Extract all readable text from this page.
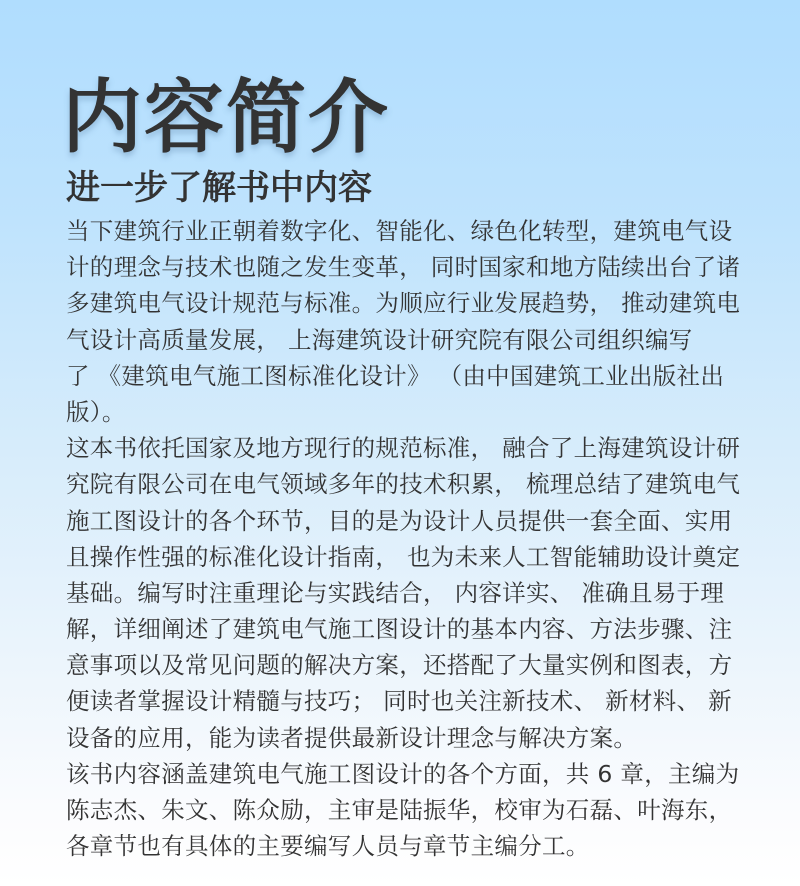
内容简介
进一步了解书中内容
当下建筑行业正朝着数字化、智能化、绿色化转型，建筑电气设
计的理念与技术也随之发生变革， 同时国家和地方陆续出台了诸
多建筑电气设计规范与标准。为顺应行业发展趋势， 推动建筑电
气设计高质量发展， 上海建筑设计研究院有限公司组织编写
了 《建筑电气施工图标准化设计》 （由中国建筑工业出版社出
版）。
这本书依托国家及地方现行的规范标准， 融合了上海建筑设计研
究院有限公司在电气领域多年的技术积累， 梳理总结了建筑电气
施工图设计的各个环节，目的是为设计人员提供一套全面、实用
且操作性强的标准化设计指南， 也为未来人工智能辅助设计奠定
基础。编写时注重理论与实践结合， 内容详实、 准确且易于理
解，详细阐述了建筑电气施工图设计的基本内容、方法步骤、注
意事项以及常见问题的解决方案，还搭配了大量实例和图表，方
便读者掌握设计精髓与技巧； 同时也关注新技术、 新材料、 新
设备的应用，能为读者提供最新设计理念与解决方案。
该书内容涵盖建筑电气施工图设计的各个方面，共 6 章，主编为
陈志杰、朱文、陈众励，主审是陆振华，校审为石磊、叶海东，
各章节也有具体的主要编写人员与章节主编分工。
